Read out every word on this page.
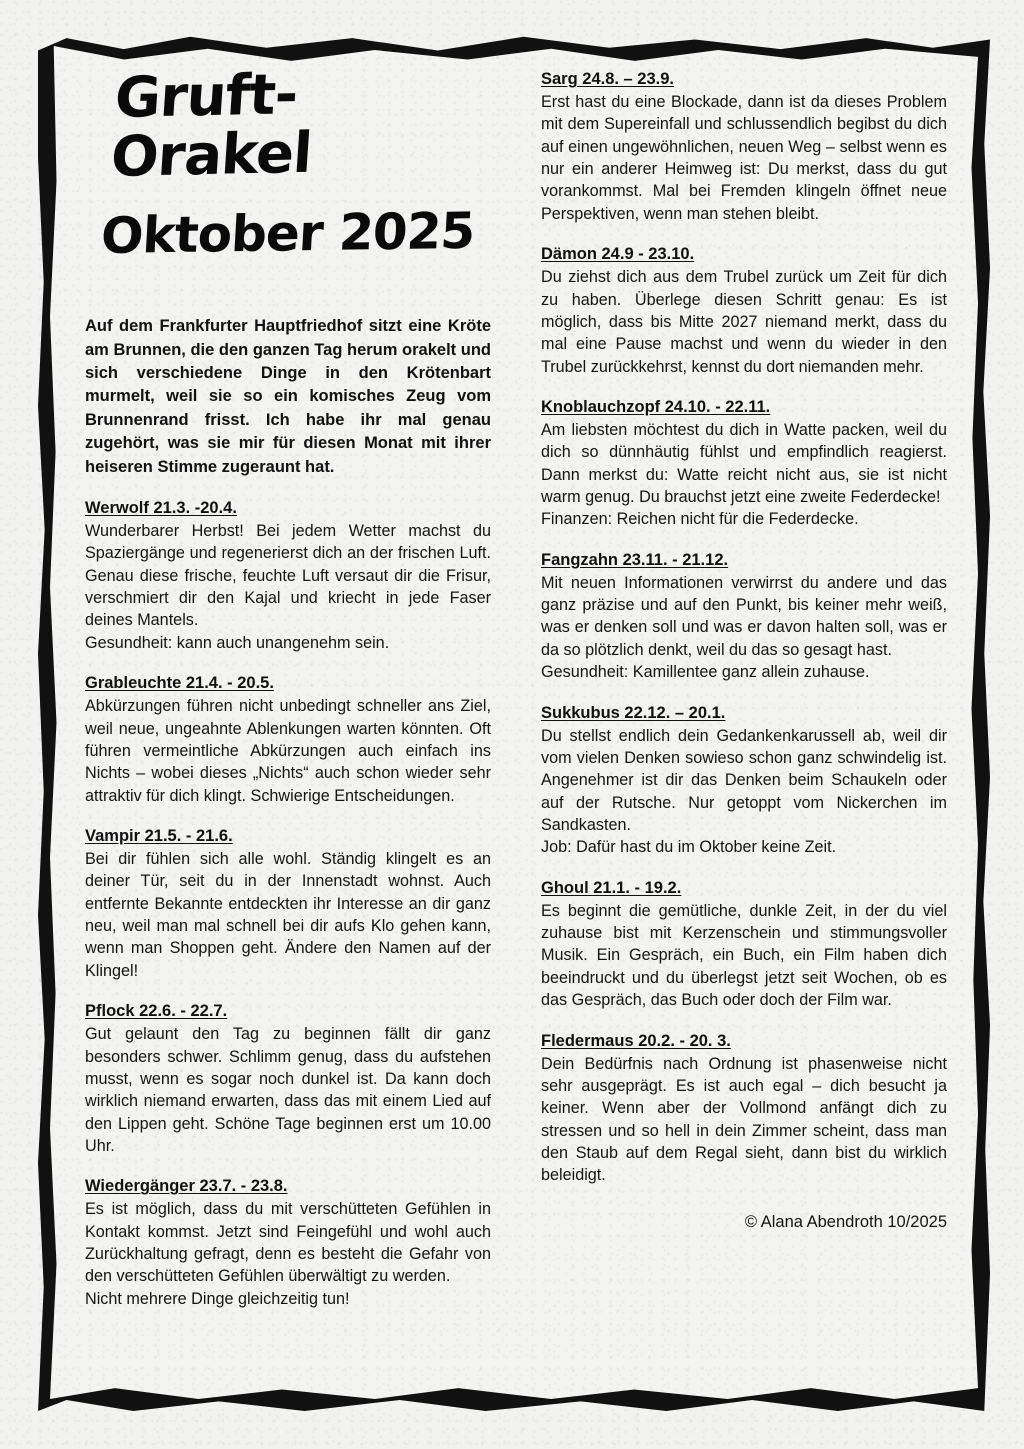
Gruft-Orakel
Oktober 2025
Auf dem Frankfurter Hauptfriedhof sitzt eine Kröte am Brunnen, die den ganzen Tag herum orakelt und sich verschiedene Dinge in den Krötenbart murmelt, weil sie so ein komisches Zeug vom Brunnenrand frisst. Ich habe ihr mal genau zugehört, was sie mir für diesen Monat mit ihrer heiseren Stimme zugeraunt hat.
Werwolf 21.3. -20.4.
Wunderbarer Herbst! Bei jedem Wetter machst du Spaziergänge und regenerierst dich an der frischen Luft. Genau diese frische, feuchte Luft versaut dir die Frisur, verschmiert dir den Kajal und kriecht in jede Faser deines Mantels.
Gesundheit: kann auch unangenehm sein.
Grableuchte 21.4. - 20.5.
Abkürzungen führen nicht unbedingt schneller ans Ziel, weil neue, ungeahnte Ablenkungen warten könnten. Oft führen vermeintliche Abkürzungen auch einfach ins Nichts – wobei dieses „Nichts“ auch schon wieder sehr attraktiv für dich klingt. Schwierige Entscheidungen.
Vampir 21.5. - 21.6.
Bei dir fühlen sich alle wohl. Ständig klingelt es an deiner Tür, seit du in der Innenstadt wohnst. Auch entfernte Bekannte entdeckten ihr Interesse an dir ganz neu, weil man mal schnell bei dir aufs Klo gehen kann, wenn man Shoppen geht. Ändere den Namen auf der Klingel!
Pflock 22.6. - 22.7.
Gut gelaunt den Tag zu beginnen fällt dir ganz besonders schwer. Schlimm genug, dass du aufstehen musst, wenn es sogar noch dunkel ist. Da kann doch wirklich niemand erwarten, dass das mit einem Lied auf den Lippen geht. Schöne Tage beginnen erst um 10.00 Uhr.
Wiedergänger 23.7. - 23.8.
Es ist möglich, dass du mit verschütteten Gefühlen in Kontakt kommst. Jetzt sind Feingefühl und wohl auch Zurückhaltung gefragt, denn es besteht die Gefahr von den verschütteten Gefühlen überwältigt zu werden.
Nicht mehrere Dinge gleichzeitig tun!
Sarg 24.8. – 23.9.
Erst hast du eine Blockade, dann ist da dieses Problem mit dem Supereinfall und schlussendlich begibst du dich auf einen ungewöhnlichen, neuen Weg – selbst wenn es nur ein anderer Heimweg ist: Du merkst, dass du gut vorankommst. Mal bei Fremden klingeln öffnet neue Perspektiven, wenn man stehen bleibt.
Dämon 24.9 - 23.10.
Du ziehst dich aus dem Trubel zurück um Zeit für dich zu haben. Überlege diesen Schritt genau: Es ist möglich, dass bis Mitte 2027 niemand merkt, dass du mal eine Pause machst und wenn du wieder in den Trubel zurückkehrst, kennst du dort niemanden mehr.
Knoblauchzopf 24.10. - 22.11.
Am liebsten möchtest du dich in Watte packen, weil du dich so dünnhäutig fühlst und empfindlich reagierst. Dann merkst du: Watte reicht nicht aus, sie ist nicht warm genug. Du brauchst jetzt eine zweite Federdecke!
Finanzen: Reichen nicht für die Federdecke.
Fangzahn 23.11. - 21.12.
Mit neuen Informationen verwirrst du andere und das ganz präzise und auf den Punkt, bis keiner mehr weiß, was er denken soll und was er davon halten soll, was er da so plötzlich denkt, weil du das so gesagt hast.
Gesundheit: Kamillentee ganz allein zuhause.
Sukkubus 22.12. – 20.1.
Du stellst endlich dein Gedankenkarussell ab, weil dir vom vielen Denken sowieso schon ganz schwindelig ist. Angenehmer ist dir das Denken beim Schaukeln oder auf der Rutsche. Nur getoppt vom Nickerchen im Sandkasten.
Job: Dafür hast du im Oktober keine Zeit.
Ghoul 21.1. - 19.2.
Es beginnt die gemütliche, dunkle Zeit, in der du viel zuhause bist mit Kerzenschein und stimmungsvoller Musik. Ein Gespräch, ein Buch, ein Film haben dich beeindruckt und du überlegst jetzt seit Wochen, ob es das Gespräch, das Buch oder doch der Film war.
Fledermaus 20.2. - 20. 3.
Dein Bedürfnis nach Ordnung ist phasenweise nicht sehr ausgeprägt. Es ist auch egal – dich besucht ja keiner. Wenn aber der Vollmond anfängt dich zu stressen und so hell in dein Zimmer scheint, dass man den Staub auf dem Regal sieht, dann bist du wirklich beleidigt.
© Alana Abendroth 10/2025
